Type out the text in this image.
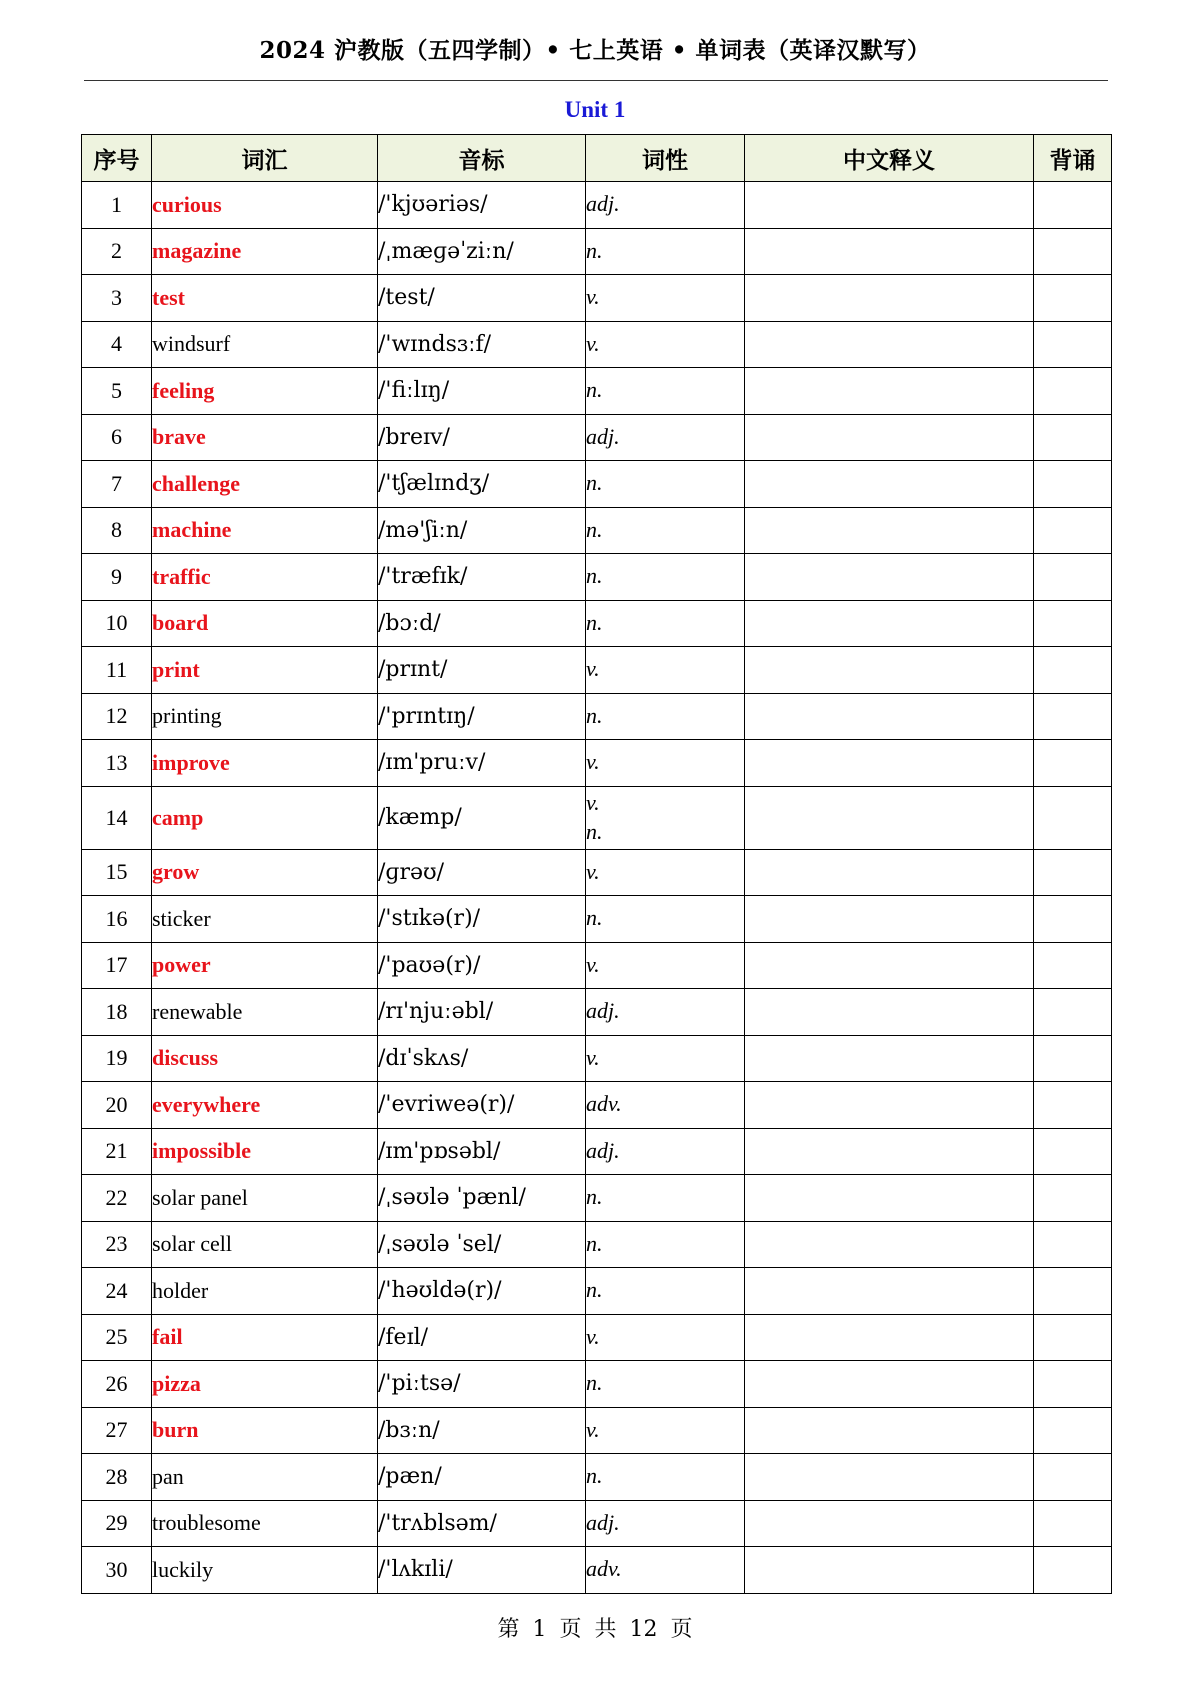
2024 沪教版（五四学制）• 七上英语 • 单词表（英译汉默写）
Unit 1
序号	词汇	音标	词性	中文释义	背诵
1	curious	/'kjʊəriəs/	adj.		

2	magazine	/ˌmæɡəˈziːn/	n.		

3	test	/test/	v.		

4	windsurf	/'wɪndsɜːf/	v.		

5	feeling	/'fiːlɪŋ/	n.		

6	brave	/breɪv/	adj.		

7	challenge	/'tʃælɪndʒ/	n.		

8	machine	/mə'ʃiːn/	n.		

9	traffic	/'træfɪk/	n.		

10	board	/bɔːd/	n.		

11	print	/prɪnt/	v.		

12	printing	/'prɪntɪŋ/	n.		

13	improve	/ɪm'pruːv/	v.		

14	camp	/kæmp/	v.
n.		

15	grow	/ɡrəʊ/	v.		

16	sticker	/'stɪkə(r)/	n.		

17	power	/'paʊə(r)/	v.		

18	renewable	/rɪ'njuːəbl/	adj.		

19	discuss	/dɪˈskʌs/	v.		

20	everywhere	/'evriweə(r)/	adv.		

21	impossible	/ɪm'pɒsəbl/	adj.		

22	solar panel	/ˌsəʊlə ˈpænl/	n.		

23	solar cell	/ˌsəʊlə ˈsel/	n.		

24	holder	/'həʊldə(r)/	n.		

25	fail	/feɪl/	v.		

26	pizza	/'piːtsə/	n.		

27	burn	/bɜːn/	v.		

28	pan	/pæn/	n.		

29	troublesome	/'trʌblsəm/	adj.		

30	luckily	/'lʌkɪli/	adv.		

第 1 页 共 12 页
